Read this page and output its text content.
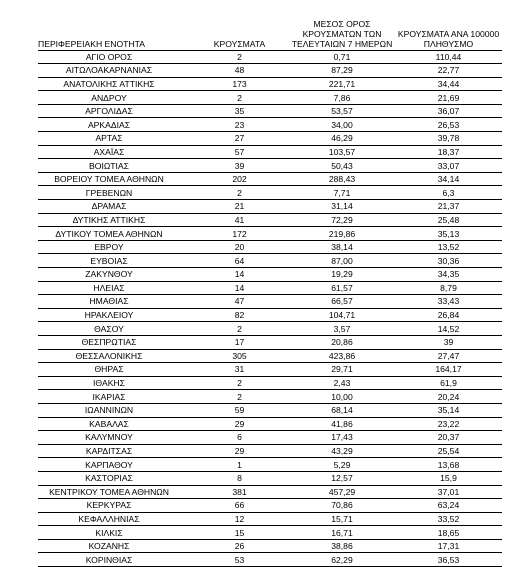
ΠΕΡΙΦΕΡΕΙΑΚΗ ΕΝΟΤΗΤΑ	ΚΡΟΥΣΜΑΤΑ	ΜΕΣΟΣ ΟΡΟΣ ΚΡΟΥΣΜΑΤΩΝ ΤΩΝ ΤΕΛΕΥΤΑΙΩΝ 7 ΗΜΕΡΩΝ	ΚΡΟΥΣΜΑΤΑ ΑΝΑ 100000 ΠΛΗΘΥΣΜΟ
ΑΓΙΟ ΟΡΟΣ	2	0,71	110,44
ΑΙΤΩΛΟΑΚΑΡΝΑΝΙΑΣ	48	87,29	22,77
ΑΝΑΤΟΛΙΚΗΣ ΑΤΤΙΚΗΣ	173	221,71	34,44
ΑΝΔΡΟΥ	2	7,86	21,69
ΑΡΓΟΛΙΔΑΣ	35	53,57	36,07
ΑΡΚΑΔΙΑΣ	23	34,00	26,53
ΑΡΤΑΣ	27	46,29	39,78
ΑΧΑΪΑΣ	57	103,57	18,37
ΒΟΙΩΤΙΑΣ	39	50,43	33,07
ΒΟΡΕΙΟΥ ΤΟΜΕΑ ΑΘΗΝΩΝ	202	288,43	34,14
ΓΡΕΒΕΝΩΝ	2	7,71	6,3
ΔΡΑΜΑΣ	21	31,14	21,37
ΔΥΤΙΚΗΣ ΑΤΤΙΚΗΣ	41	72,29	25,48
ΔΥΤΙΚΟΥ ΤΟΜΕΑ ΑΘΗΝΩΝ	172	219,86	35,13
ΕΒΡΟΥ	20	38,14	13,52
ΕΥΒΟΙΑΣ	64	87,00	30,36
ΖΑΚΥΝΘΟΥ	14	19,29	34,35
ΗΛΕΙΑΣ	14	61,57	8,79
ΗΜΑΘΙΑΣ	47	66,57	33,43
ΗΡΑΚΛΕΙΟΥ	82	104,71	26,84
ΘΑΣΟΥ	2	3,57	14,52
ΘΕΣΠΡΩΤΙΑΣ	17	20,86	39
ΘΕΣΣΑΛΟΝΙΚΗΣ	305	423,86	27,47
ΘΗΡΑΣ	31	29,71	164,17
ΙΘΑΚΗΣ	2	2,43	61,9
ΙΚΑΡΙΑΣ	2	10,00	20,24
ΙΩΑΝΝΙΝΩΝ	59	68,14	35,14
ΚΑΒΑΛΑΣ	29	41,86	23,22
ΚΑΛΥΜΝΟΥ	6	17,43	20,37
ΚΑΡΔΙΤΣΑΣ	29	43,29	25,54
ΚΑΡΠΑΘΟΥ	1	5,29	13,68
ΚΑΣΤΟΡΙΑΣ	8	12,57	15,9
ΚΕΝΤΡΙΚΟΥ ΤΟΜΕΑ ΑΘΗΝΩΝ	381	457,29	37,01
ΚΕΡΚΥΡΑΣ	66	70,86	63,24
ΚΕΦΑΛΛΗΝΙΑΣ	12	15,71	33,52
ΚΙΛΚΙΣ	15	16,71	18,65
ΚΟΖΑΝΗΣ	26	38,86	17,31
ΚΟΡΙΝΘΙΑΣ	53	62,29	36,53
